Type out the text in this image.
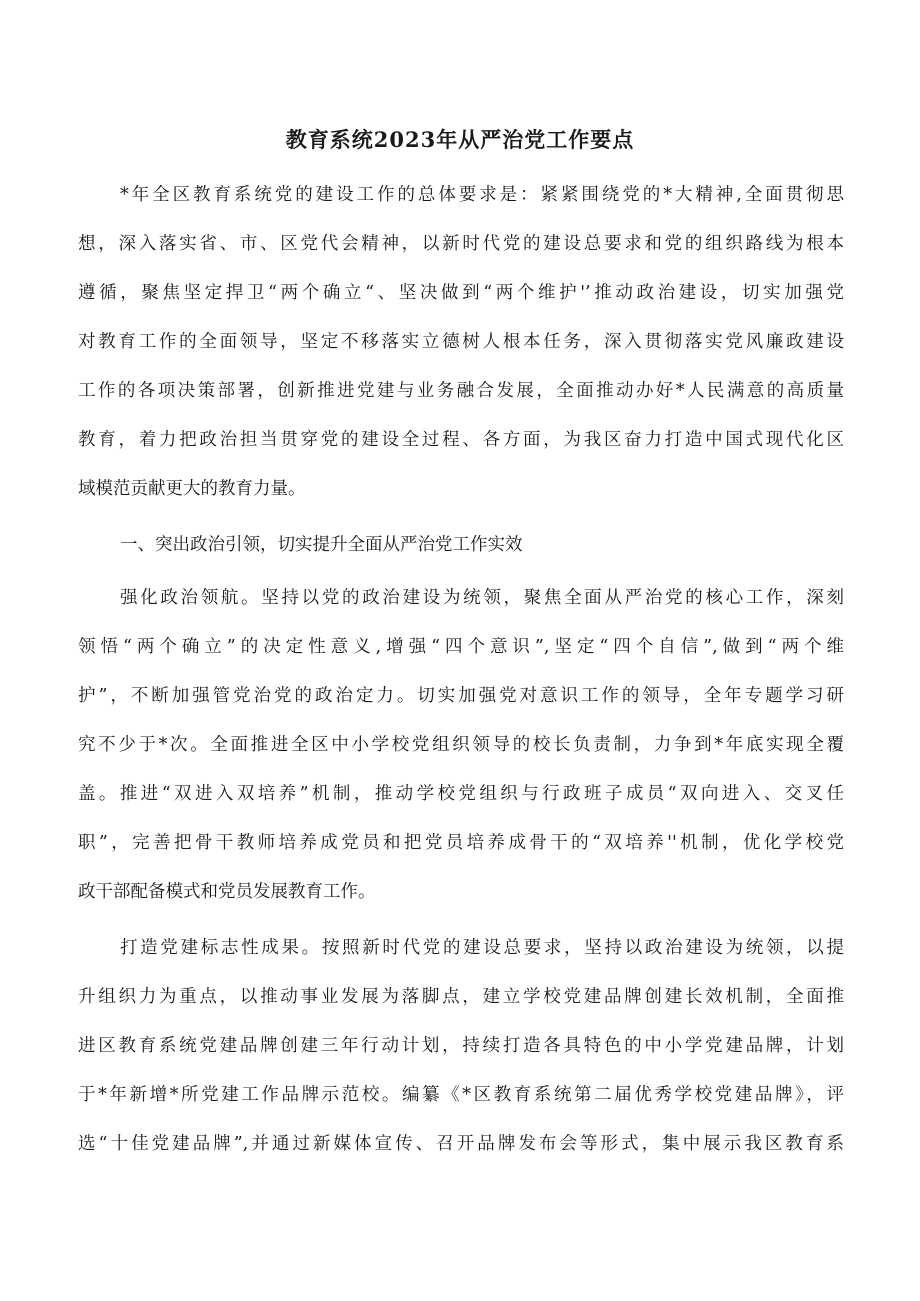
教育系统2023年从严治党工作要点

*年全区教育系统党的建设工作的总体要求是：紧紧围绕党的*大精神,全面贯彻思

想，深入落实省、市、区党代会精神，以新时代党的建设总要求和党的组织路线为根本

遵循，聚焦坚定捍卫“两个确立“、坚决做到“两个维护'’推动政治建设，切实加强党

对教育工作的全面领导，坚定不移落实立德树人根本任务，深入贯彻落实党风廉政建设

工作的各项决策部署，创新推进党建与业务融合发展，全面推动办好*人民满意的高质量

教育，着力把政治担当贯穿党的建设全过程、各方面，为我区奋力打造中国式现代化区

域模范贡献更大的教育力量。

一、突出政治引领，切实提升全面从严治党工作实效

强化政治领航。坚持以党的政治建设为统领，聚焦全面从严治党的核心工作，深刻

领悟“两个确立”的决定性意义,增强“四个意识”,坚定“四个自信”,做到“两个维

护”，不断加强管党治党的政治定力。切实加强党对意识工作的领导，全年专题学习研

究不少于*次。全面推进全区中小学校党组织领导的校长负责制，力争到*年底实现全覆

盖。推进“双进入双培养”机制，推动学校党组织与行政班子成员“双向进入、交叉任

职”，完善把骨干教师培养成党员和把党员培养成骨干的“双培养''机制，优化学校党

政干部配备模式和党员发展教育工作。

打造党建标志性成果。按照新时代党的建设总要求，坚持以政治建设为统领，以提

升组织力为重点，以推动事业发展为落脚点，建立学校党建品牌创建长效机制，全面推

进区教育系统党建品牌创建三年行动计划，持续打造各具特色的中小学党建品牌，计划

于*年新增*所党建工作品牌示范校。编纂《*区教育系统第二届优秀学校党建品牌》，评

选“十佳党建品牌”,并通过新媒体宣传、召开品牌发布会等形式，集中展示我区教育系
